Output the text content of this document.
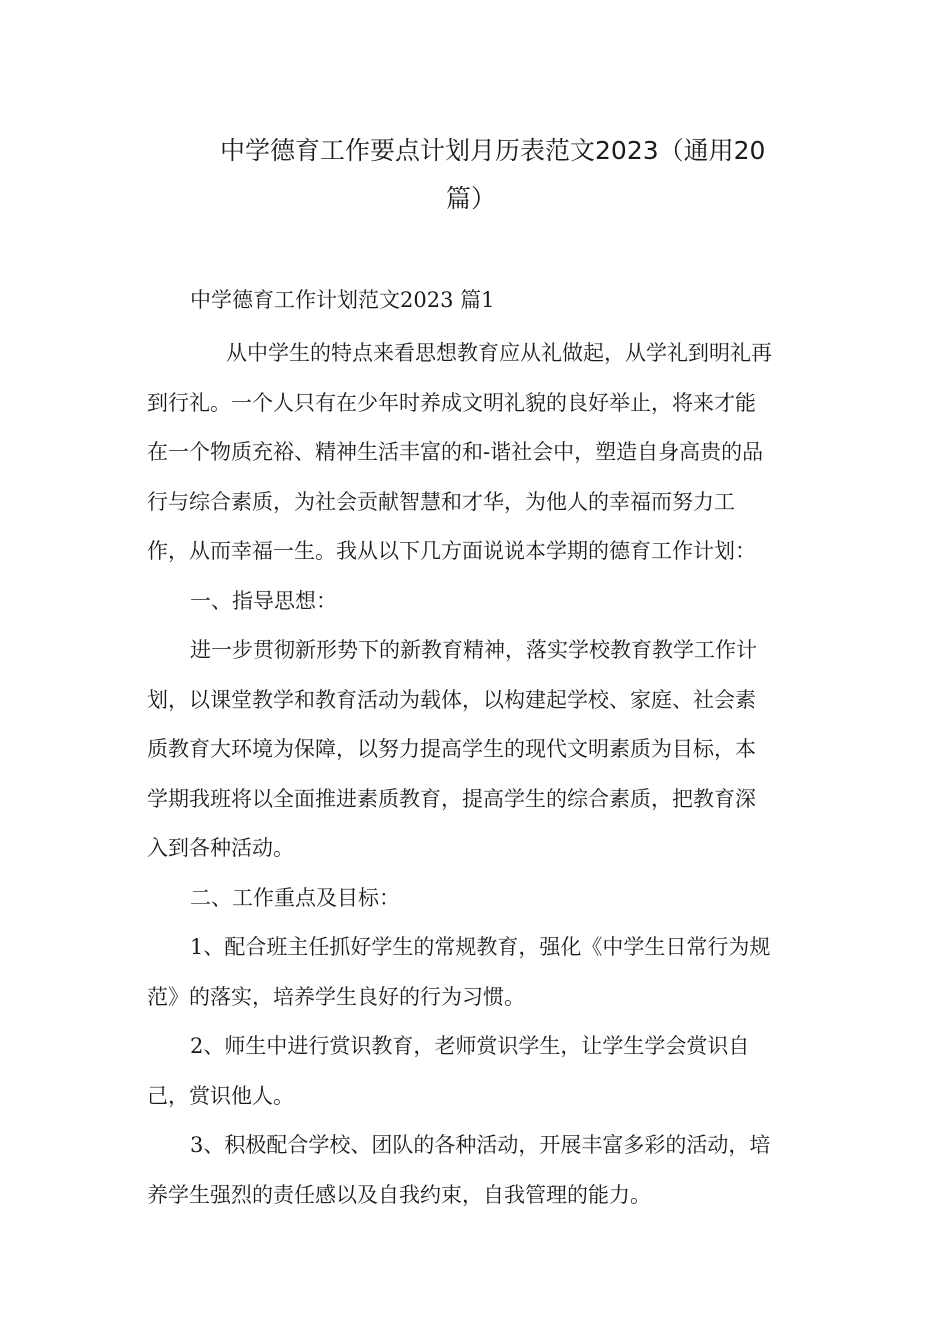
中学德育工作要点计划月历表范文2023（通用20
篇）
中学德育工作计划范文2023 篇1
从中学生的特点来看思想教育应从礼做起，从学礼到明礼再
到行礼。一个人只有在少年时养成文明礼貌的良好举止，将来才能
在一个物质充裕、精神生活丰富的和-谐社会中，塑造自身高贵的品
行与综合素质，为社会贡献智慧和才华，为他人的幸福而努力工
作，从而幸福一生。我从以下几方面说说本学期的德育工作计划：
一、指导思想：
进一步贯彻新形势下的新教育精神，落实学校教育教学工作计
划，以课堂教学和教育活动为载体，以构建起学校、家庭、社会素
质教育大环境为保障，以努力提高学生的现代文明素质为目标，本
学期我班将以全面推进素质教育，提高学生的综合素质，把教育深
入到各种活动。
二、工作重点及目标：
1、配合班主任抓好学生的常规教育，强化《中学生日常行为规
范》的落实，培养学生良好的行为习惯。
2、师生中进行赏识教育，老师赏识学生，让学生学会赏识自
己，赏识他人。
3、积极配合学校、团队的各种活动，开展丰富多彩的活动，培
养学生强烈的责任感以及自我约束，自我管理的能力。
